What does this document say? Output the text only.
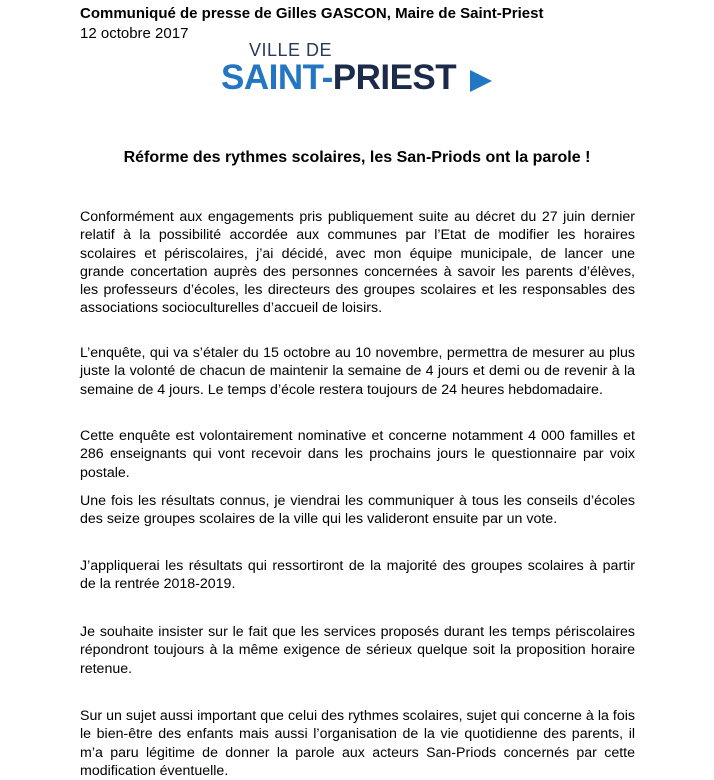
Communiqué de presse de Gilles GASCON, Maire de Saint-Priest
12 octobre 2017
VILLE DE
SAINT-PRIEST
Réforme des rythmes scolaires, les San-Priods ont la parole !

Conformément aux engagements pris publiquement suite au décret du 27 juin dernier relatif à la possibilité accordée aux communes par l’Etat de modifier les horaires scolaires et périscolaires, j’ai décidé, avec mon équipe municipale, de lancer une grande concertation auprès des personnes concernées à savoir les parents d’élèves, les professeurs d’écoles, les directeurs des groupes scolaires et les responsables des associations socioculturelles d’accueil de loisirs.

L’enquête, qui va s’étaler du 15 octobre au 10 novembre, permettra de mesurer au plus juste la volonté de chacun de maintenir la semaine de 4 jours et demi ou de revenir à la semaine de 4 jours. Le temps d’école restera toujours de 24 heures hebdomadaire.

Cette enquête est volontairement nominative et concerne notamment 4 000 familles et 286 enseignants qui vont recevoir dans les prochains jours le questionnaire par voix postale.

Une fois les résultats connus, je viendrai les communiquer à tous les conseils d’écoles des seize groupes scolaires de la ville qui les valideront ensuite par un vote.

J’appliquerai les résultats qui ressortiront de la majorité des groupes scolaires à partir de la rentrée 2018-2019.

Je souhaite insister sur le fait que les services proposés durant les temps périscolaires répondront toujours à la même exigence de sérieux quelque soit la proposition horaire retenue.

Sur un sujet aussi important que celui des rythmes scolaires, sujet qui concerne à la fois le bien-être des enfants mais aussi l’organisation de la vie quotidienne des parents, il m’a paru légitime de donner la parole aux acteurs San-Priods concernés par cette modification éventuelle.
